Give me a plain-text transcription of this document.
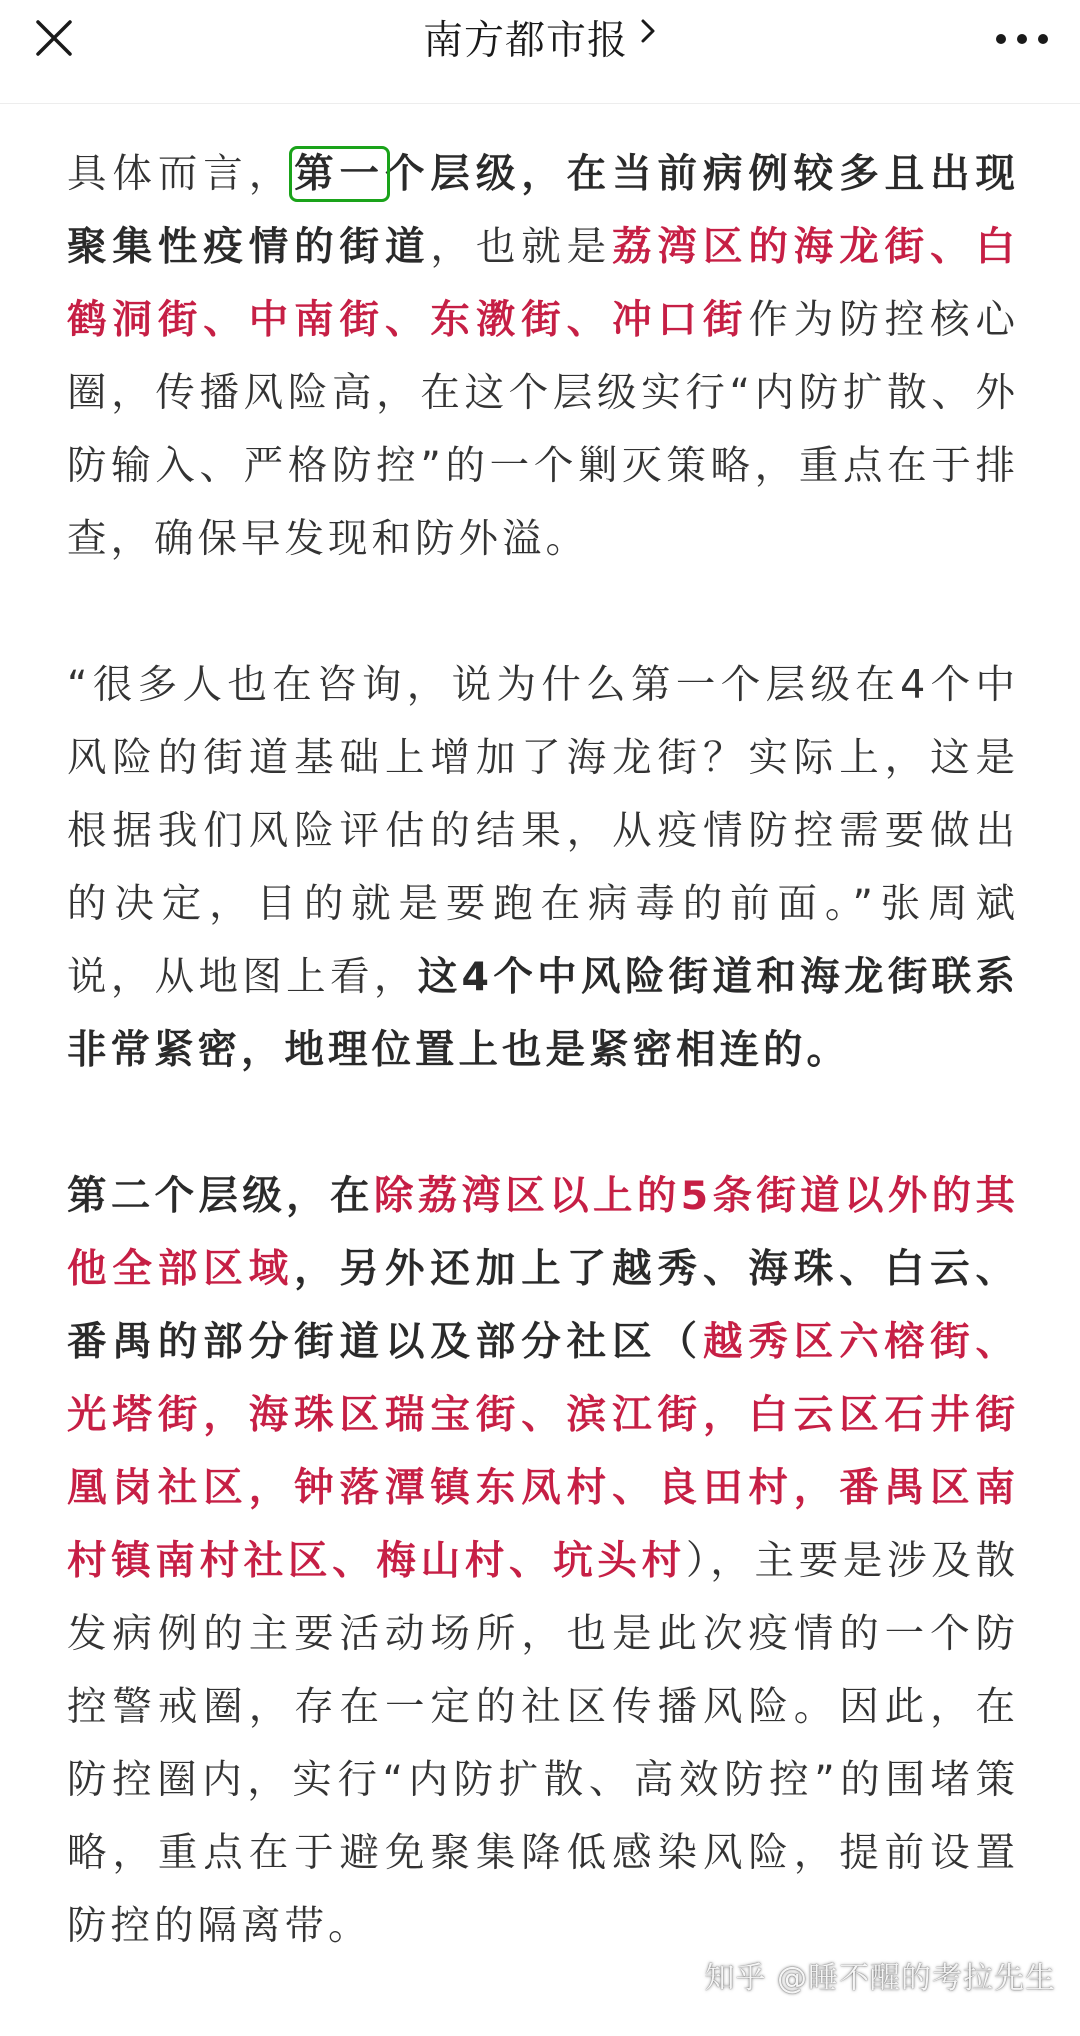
南方都市报

具体而言，第一个层级，在当前病例较多且出现聚集性疫情的街道，也就是荔湾区的海龙街、白鹤洞街、中南街、东漖街、冲口街作为防控核心圈，传播风险高，在这个层级实行“内防扩散、外防输入、严格防控”的一个剿灭策略，重点在于排查，确保早发现和防外溢。

“很多人也在咨询，说为什么第一个层级在4个中风险的街道基础上增加了海龙街？实际上，这是根据我们风险评估的结果，从疫情防控需要做出的决定，目的就是要跑在病毒的前面。”张周斌说，从地图上看，这4个中风险街道和海龙街联系非常紧密，地理位置上也是紧密相连的。

第二个层级，在除荔湾区以上的5条街道以外的其他全部区域，另外还加上了越秀、海珠、白云、番禺的部分街道以及部分社区（越秀区六榕街、光塔街，海珠区瑞宝街、滨江街，白云区石井街凰岗社区，钟落潭镇东凤村、良田村，番禺区南村镇南村社区、梅山村、坑头村），主要是涉及散发病例的主要活动场所，也是此次疫情的一个防控警戒圈，存在一定的社区传播风险。因此，在防控圈内，实行“内防扩散、高效防控”的围堵策略，重点在于避免聚集降低感染风险，提前设置防控的隔离带。

知乎 @睡不醒的考拉先生
